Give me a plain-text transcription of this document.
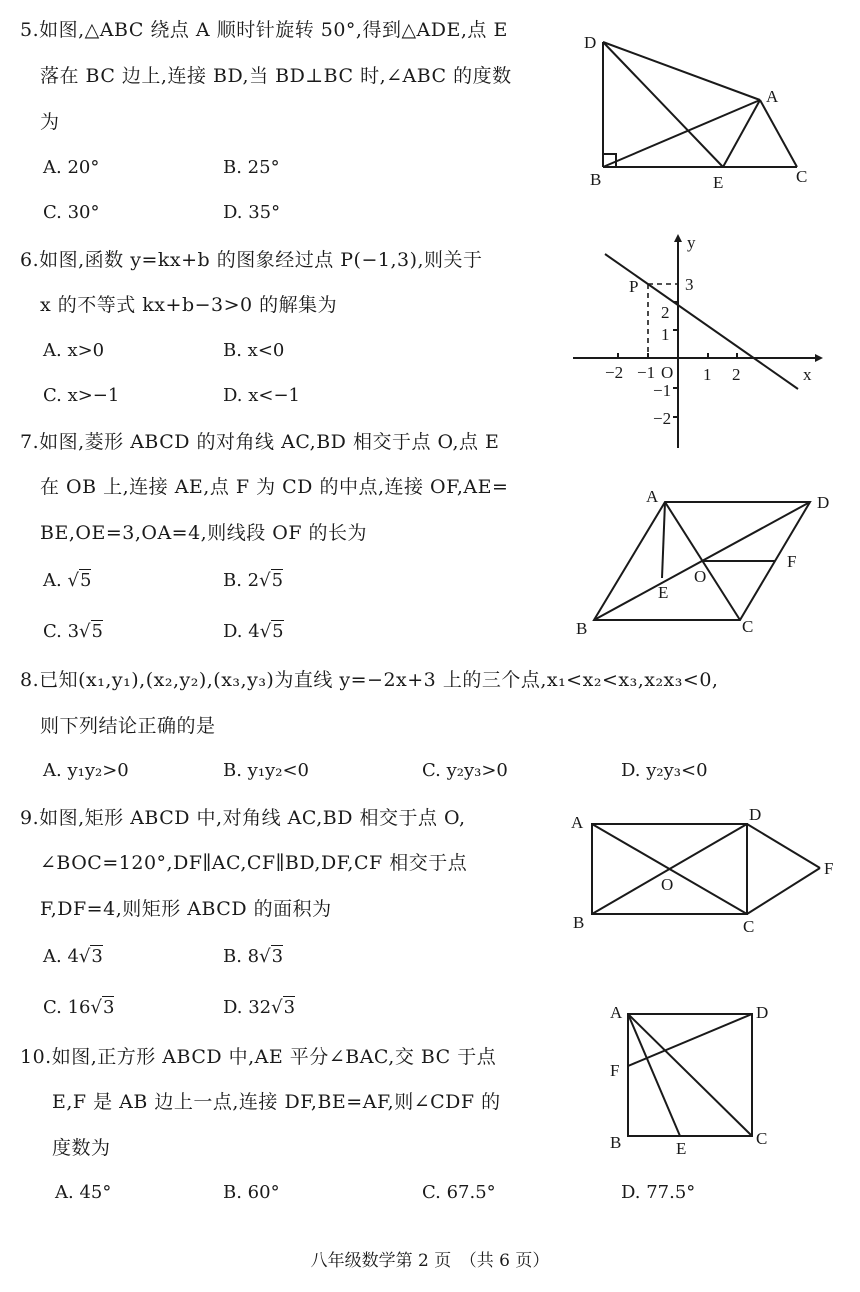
5.如图,△ABC 绕点 A 顺时针旋转 50°,得到△ADE,点 E
落在 BC 边上,连接 BD,当 BD⊥BC 时,∠ABC 的度数
为
A. 20°	B. 25°
C. 30°	D. 35°
D
A
B	E	C
6.如图,函数 y=kx+b 的图象经过点 P(−1,3),则关于
x 的不等式 kx+b−3>0 的解集为
A. x>0	B. x<0
C. x>−1	D. x<−1
y
x
O
P
−2 −1	1 2
3
2
1
−1
−2
7.如图,菱形 ABCD 的对角线 AC,BD 相交于点 O,点 E
在 OB 上,连接 AE,点 F 为 CD 的中点,连接 OF,AE=
BE,OE=3,OA=4,则线段 OF 的长为
A. √5	B. 2√5
C. 3√5	D. 4√5
A	D
F
O
E
B	C
8.已知(x₁,y₁),(x₂,y₂),(x₃,y₃)为直线 y=−2x+3 上的三个点,x₁<x₂<x₃,x₂x₃<0,
则下列结论正确的是
A. y₁y₂>0	B. y₁y₂<0	C. y₂y₃>0	D. y₂y₃<0
9.如图,矩形 ABCD 中,对角线 AC,BD 相交于点 O,
∠BOC=120°,DF∥AC,CF∥BD,DF,CF 相交于点
F,DF=4,则矩形 ABCD 的面积为
A. 4√3	B. 8√3
C. 16√3	D. 32√3
A	D
F
O
B	C
10.如图,正方形 ABCD 中,AE 平分∠BAC,交 BC 于点
E,F 是 AB 边上一点,连接 DF,BE=AF,则∠CDF 的
度数为
A. 45°	B. 60°	C. 67.5°	D. 77.5°
A	D
F
B	E
C
八年级数学第 2 页　（共 6 页）
